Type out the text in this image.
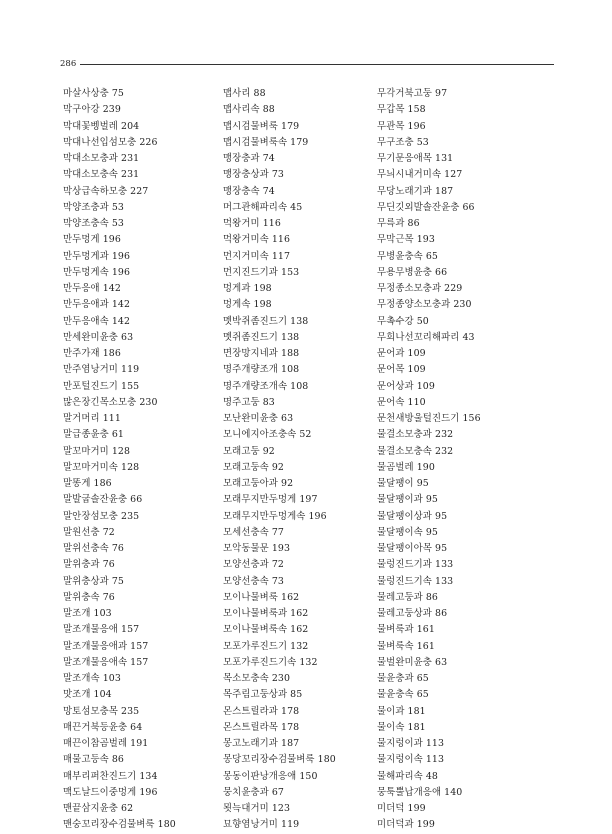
286
마살사상충 75
막구아강 239
막대꽃벵벌레 204
막대나선입섬모충 226
막대소모충과 231
막대소모충속 231
막상급속하모충 227
막양조충과 53
막양조충속 53
만두멍게 196
만두멍게과 196
만두멍게속 196
만두응애 142
만두응애과 142
만두응애속 142
만세완미윤충 63
만주가재 186
만주염낭거미 119
만포털진드기 155
많은장긴목소모충 230
말거머리 111
말급종윤충 61
말꼬마거미 128
말꼬마거미속 128
말똥게 186
말발굽솔잔윤충 66
말안장섬모충 235
말원선충 72
말위선충속 76
말위충과 76
말위충상과 75
말위충속 76
말조개 103
말조개물응애 157
말조개물응애과 157
말조개물응애속 157
말조개속 103
맛조개 104
망토섬모충목 235
매끈거북등윤충 64
매끈이참곰벌레 191
매물고등속 86
매부리퍼찬진드기 134
맥도날드이중멍게 196
맨끝삼지윤충 62
맨숭꼬리장수검물벼룩 180
맵사리 88
맵사리속 88
맵시검물벼룩 179
맵시검물벼룩속 179
맹장충과 74
맹장충상과 73
맹장충속 74
머그관해파리속 45
먹왕거미 116
먹왕거미속 116
먼지거미속 117
먼지진드기과 153
멍게과 198
멍게속 198
멧박쥐좀진드기 138
멧쥐좀진드기 138
면장망지네과 188
명주개량조개 108
명주개량조개속 108
명주고둥 83
모난완미윤충 63
모니에지아조충속 52
모래고둥 92
모래고둥속 92
모래고둥아과 92
모래무지만두멍게 197
모래무지만두멍게속 196
모세선충속 77
모악동물문 193
모양선충과 72
모양선충속 73
모이나물벼룩 162
모이나물벼룩과 162
모이나물벼룩속 162
모포가루진드기 132
모포가루진드기속 132
목소모충속 230
목주림고둥상과 85
몬스트릴라과 178
몬스트릴라목 178
몽고노래기과 187
몽당꼬리장수검물벼룩 180
몽동이판낭개응애 150
뭉치윤충과 67
묏늑대거미 123
묘향염낭거미 119
무각거북고둥 97
무갑목 158
무관목 196
무구조충 53
무기문응애목 131
무늬시내거미속 127
무당노래기과 187
무딘깃외발솔잔윤충 66
무륵과 86
무막근목 193
무병윤충속 65
무용무병윤충 66
무정종소모충과 229
무정종양소모충과 230
무촉수강 50
무희나선꼬리해파리 43
문어과 109
문어목 109
문어상과 109
문어속 110
문천새방울털진드기 156
물결소모충과 232
물결소모충속 232
물곰벌레 190
물달팽이 95
물달팽이과 95
물달팽이상과 95
물달팽이속 95
물달팽이아목 95
물렁진드기과 133
물렁진드기속 133
물레고둥과 86
물레고둥상과 86
물벼룩과 161
물벼룩속 161
물벌완미윤충 63
물윤충과 65
물윤충속 65
물이과 181
물이속 181
물지렁이과 113
물지렁이속 113
물해파리속 48
뭉툭뿔납개응애 140
미더덕 199
미더덕과 199
